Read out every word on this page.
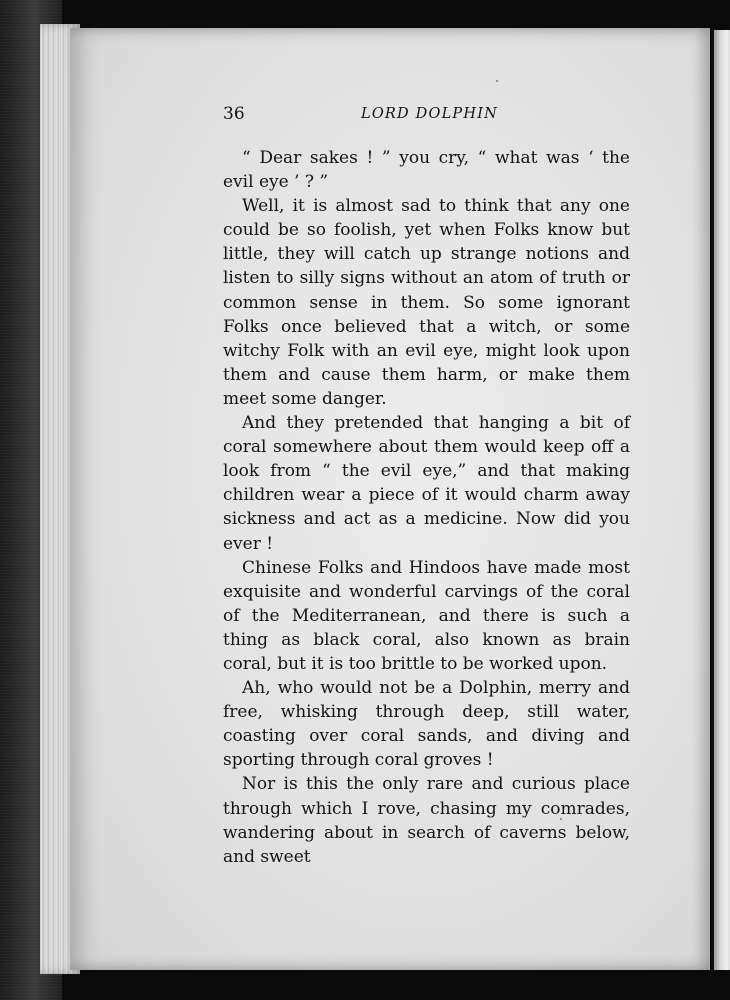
36	LORD DOLPHIN

“ Dear sakes ! ” you cry, “ what was ‘ the evil eye ’ ? ”

Well, it is almost sad to think that any one could be so foolish, yet when Folks know but little, they will catch up strange notions and listen to silly signs without an atom of truth or common sense in them. So some ignorant Folks once believed that a witch, or some witchy Folk with an evil eye, might look upon them and cause them harm, or make them meet some danger.

And they pretended that hanging a bit of coral somewhere about them would keep off a look from “ the evil eye,” and that making children wear a piece of it would charm away sickness and act as a medicine. Now did you ever !

Chinese Folks and Hindoos have made most exquisite and wonderful carvings of the coral of the Mediterranean, and there is such a thing as black coral, also known as brain coral, but it is too brittle to be worked upon.

Ah, who would not be a Dolphin, merry and free, whisking through deep, still water, coasting over coral sands, and diving and sporting through coral groves !

Nor is this the only rare and curious place through which I rove, chasing my comrades, wandering about in search of caverns below, and sweet
